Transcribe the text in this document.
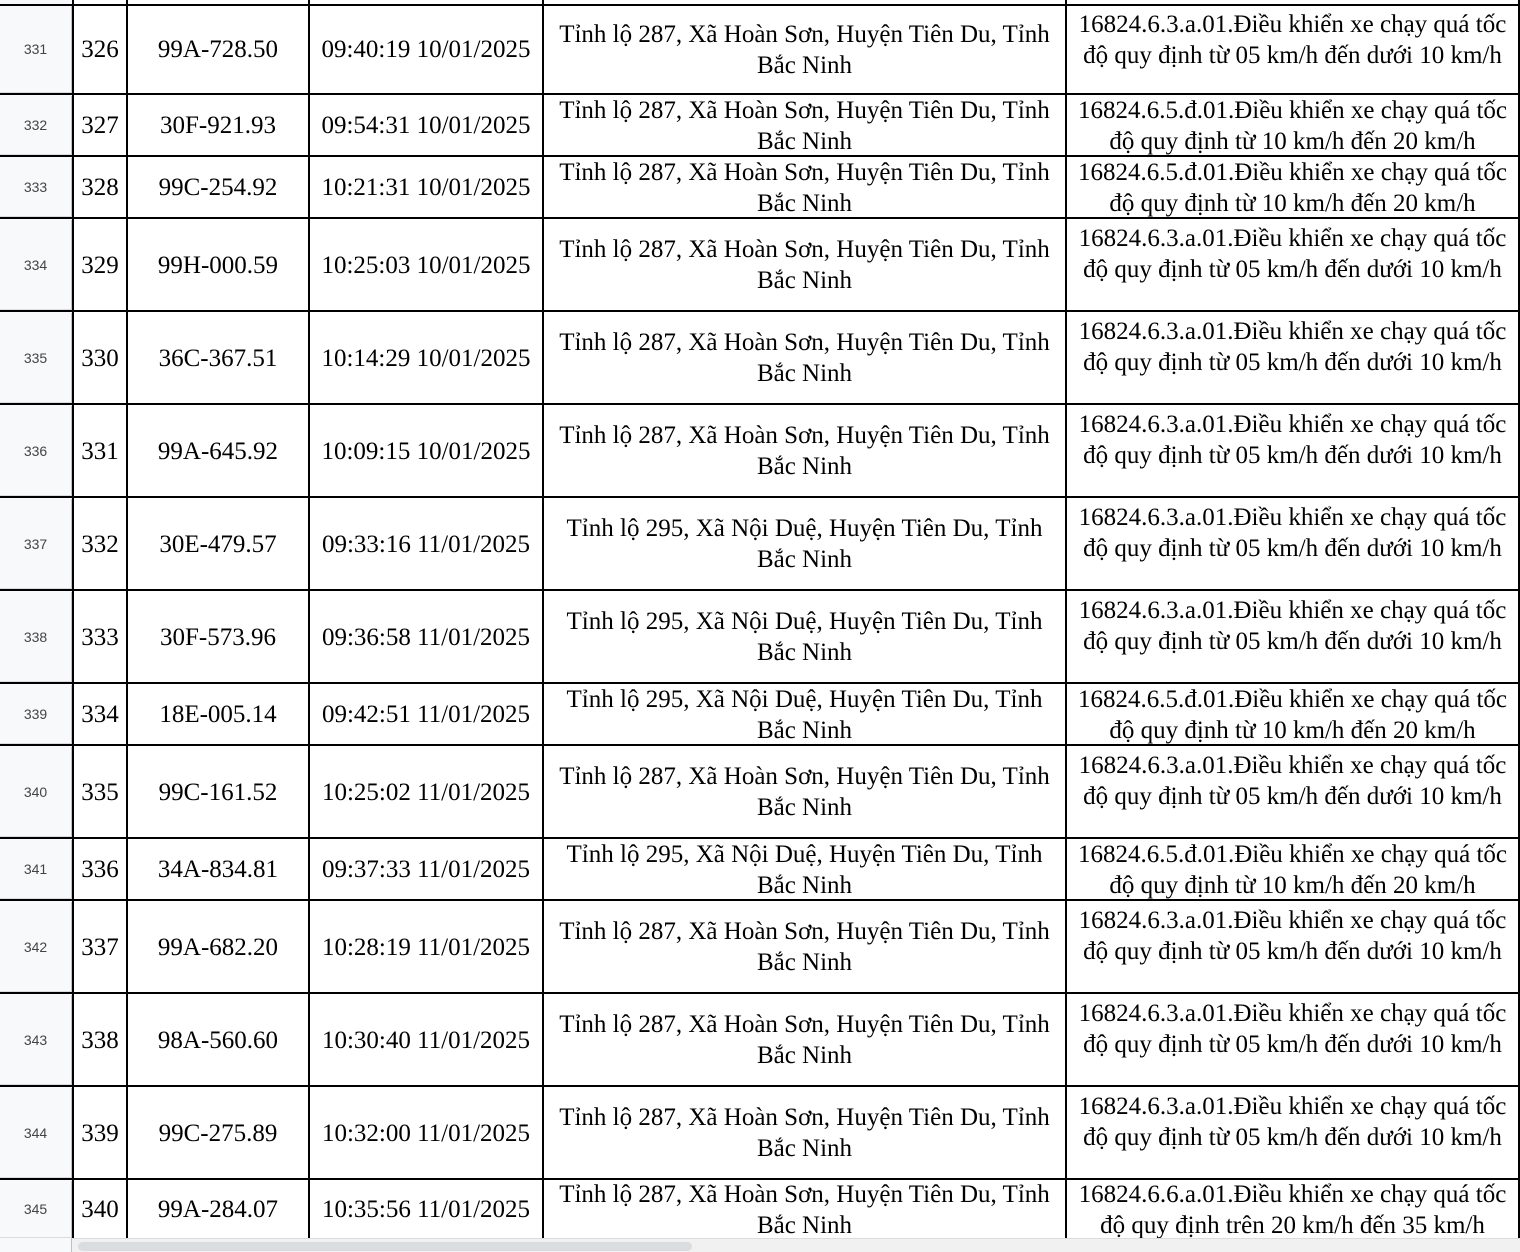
331 326 99A-728.50 09:40:19 10/01/2025
Tỉnh lộ 287, Xã Hoàn Sơn, Huyện Tiên Du, Tỉnh Bắc Ninh
16824.6.3.a.01.Điều khiển xe chạy quá tốc độ quy định từ 05 km/h đến dưới 10 km/h
332 327 30F-921.93 09:54:31 10/01/2025
Tỉnh lộ 287, Xã Hoàn Sơn, Huyện Tiên Du, Tỉnh Bắc Ninh
16824.6.5.đ.01.Điều khiển xe chạy quá tốc độ quy định từ 10 km/h đến 20 km/h
333 328 99C-254.92 10:21:31 10/01/2025
Tỉnh lộ 287, Xã Hoàn Sơn, Huyện Tiên Du, Tỉnh Bắc Ninh
16824.6.5.đ.01.Điều khiển xe chạy quá tốc độ quy định từ 10 km/h đến 20 km/h
334 329 99H-000.59 10:25:03 10/01/2025
Tỉnh lộ 287, Xã Hoàn Sơn, Huyện Tiên Du, Tỉnh Bắc Ninh
16824.6.3.a.01.Điều khiển xe chạy quá tốc độ quy định từ 05 km/h đến dưới 10 km/h
335 330 36C-367.51 10:14:29 10/01/2025
Tỉnh lộ 287, Xã Hoàn Sơn, Huyện Tiên Du, Tỉnh Bắc Ninh
16824.6.3.a.01.Điều khiển xe chạy quá tốc độ quy định từ 05 km/h đến dưới 10 km/h
336 331 99A-645.92 10:09:15 10/01/2025
Tỉnh lộ 287, Xã Hoàn Sơn, Huyện Tiên Du, Tỉnh Bắc Ninh
16824.6.3.a.01.Điều khiển xe chạy quá tốc độ quy định từ 05 km/h đến dưới 10 km/h
337 332 30E-479.57 09:33:16 11/01/2025
Tỉnh lộ 295, Xã Nội Duệ, Huyện Tiên Du, Tỉnh Bắc Ninh
16824.6.3.a.01.Điều khiển xe chạy quá tốc độ quy định từ 05 km/h đến dưới 10 km/h
338 333 30F-573.96 09:36:58 11/01/2025
Tỉnh lộ 295, Xã Nội Duệ, Huyện Tiên Du, Tỉnh Bắc Ninh
16824.6.3.a.01.Điều khiển xe chạy quá tốc độ quy định từ 05 km/h đến dưới 10 km/h
339 334 18E-005.14 09:42:51 11/01/2025
Tỉnh lộ 295, Xã Nội Duệ, Huyện Tiên Du, Tỉnh Bắc Ninh
16824.6.5.đ.01.Điều khiển xe chạy quá tốc độ quy định từ 10 km/h đến 20 km/h
340 335 99C-161.52 10:25:02 11/01/2025
Tỉnh lộ 287, Xã Hoàn Sơn, Huyện Tiên Du, Tỉnh Bắc Ninh
16824.6.3.a.01.Điều khiển xe chạy quá tốc độ quy định từ 05 km/h đến dưới 10 km/h
341 336 34A-834.81 09:37:33 11/01/2025
Tỉnh lộ 295, Xã Nội Duệ, Huyện Tiên Du, Tỉnh Bắc Ninh
16824.6.5.đ.01.Điều khiển xe chạy quá tốc độ quy định từ 10 km/h đến 20 km/h
342 337 99A-682.20 10:28:19 11/01/2025
Tỉnh lộ 287, Xã Hoàn Sơn, Huyện Tiên Du, Tỉnh Bắc Ninh
16824.6.3.a.01.Điều khiển xe chạy quá tốc độ quy định từ 05 km/h đến dưới 10 km/h
343 338 98A-560.60 10:30:40 11/01/2025
Tỉnh lộ 287, Xã Hoàn Sơn, Huyện Tiên Du, Tỉnh Bắc Ninh
16824.6.3.a.01.Điều khiển xe chạy quá tốc độ quy định từ 05 km/h đến dưới 10 km/h
344 339 99C-275.89 10:32:00 11/01/2025
Tỉnh lộ 287, Xã Hoàn Sơn, Huyện Tiên Du, Tỉnh Bắc Ninh
16824.6.3.a.01.Điều khiển xe chạy quá tốc độ quy định từ 05 km/h đến dưới 10 km/h
345 340 99A-284.07 10:35:56 11/01/2025
Tỉnh lộ 287, Xã Hoàn Sơn, Huyện Tiên Du, Tỉnh Bắc Ninh
16824.6.6.a.01.Điều khiển xe chạy quá tốc độ quy định trên 20 km/h đến 35 km/h
